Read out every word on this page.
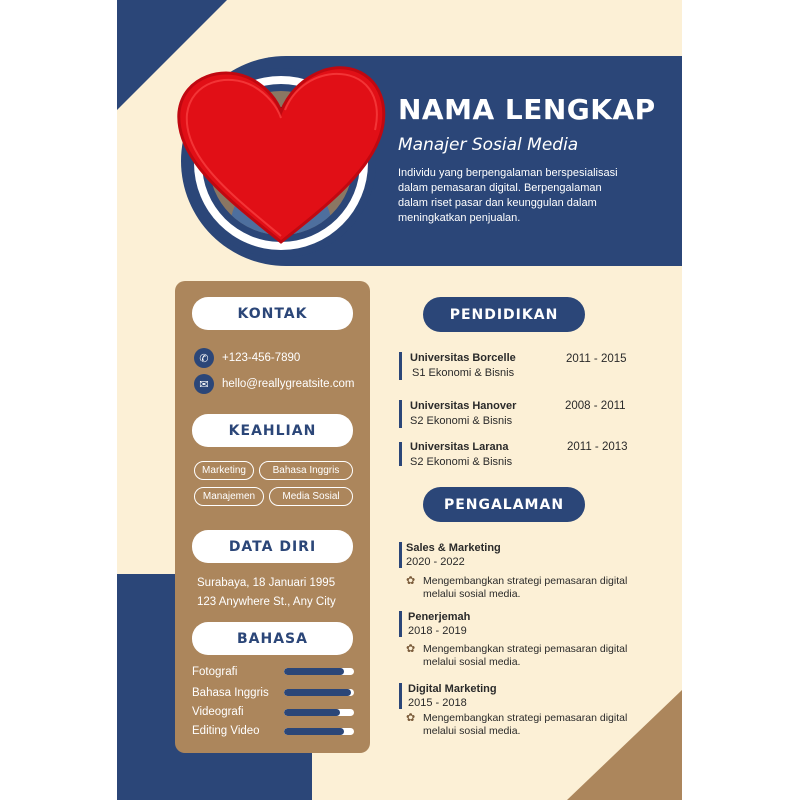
NAMA LENGKAP
Manajer Sosial Media
Individu yang berpengalaman berspesialisasi dalam pemasaran digital. Berpengalaman dalam riset pasar dan keunggulan dalam meningkatkan penjualan.
KONTAK
✆	+123-456-7890
✉	hello@reallygreatsite.com
KEAHLIAN
Marketing	Bahasa Inggris
Manajemen	Media Sosial
DATA DIRI
Surabaya, 18 Januari 1995
123 Anywhere St., Any City
BAHASA
Fotografi
Bahasa Inggris
Videografi
Editing Video
PENDIDIKAN
Universitas Borcelle
S1 Ekonomi & Bisnis
2011 - 2015
Universitas Hanover
S2 Ekonomi & Bisnis
2008 - 2011
Universitas Larana
S2 Ekonomi & Bisnis
2011 - 2013
PENGALAMAN
Sales & Marketing
2020 - 2022
✿ Mengembangkan strategi pemasaran digital melalui sosial media.
Penerjemah
2018 - 2019
✿ Mengembangkan strategi pemasaran digital melalui sosial media.
Digital Marketing
2015 - 2018
✿ Mengembangkan strategi pemasaran digital melalui sosial media.
